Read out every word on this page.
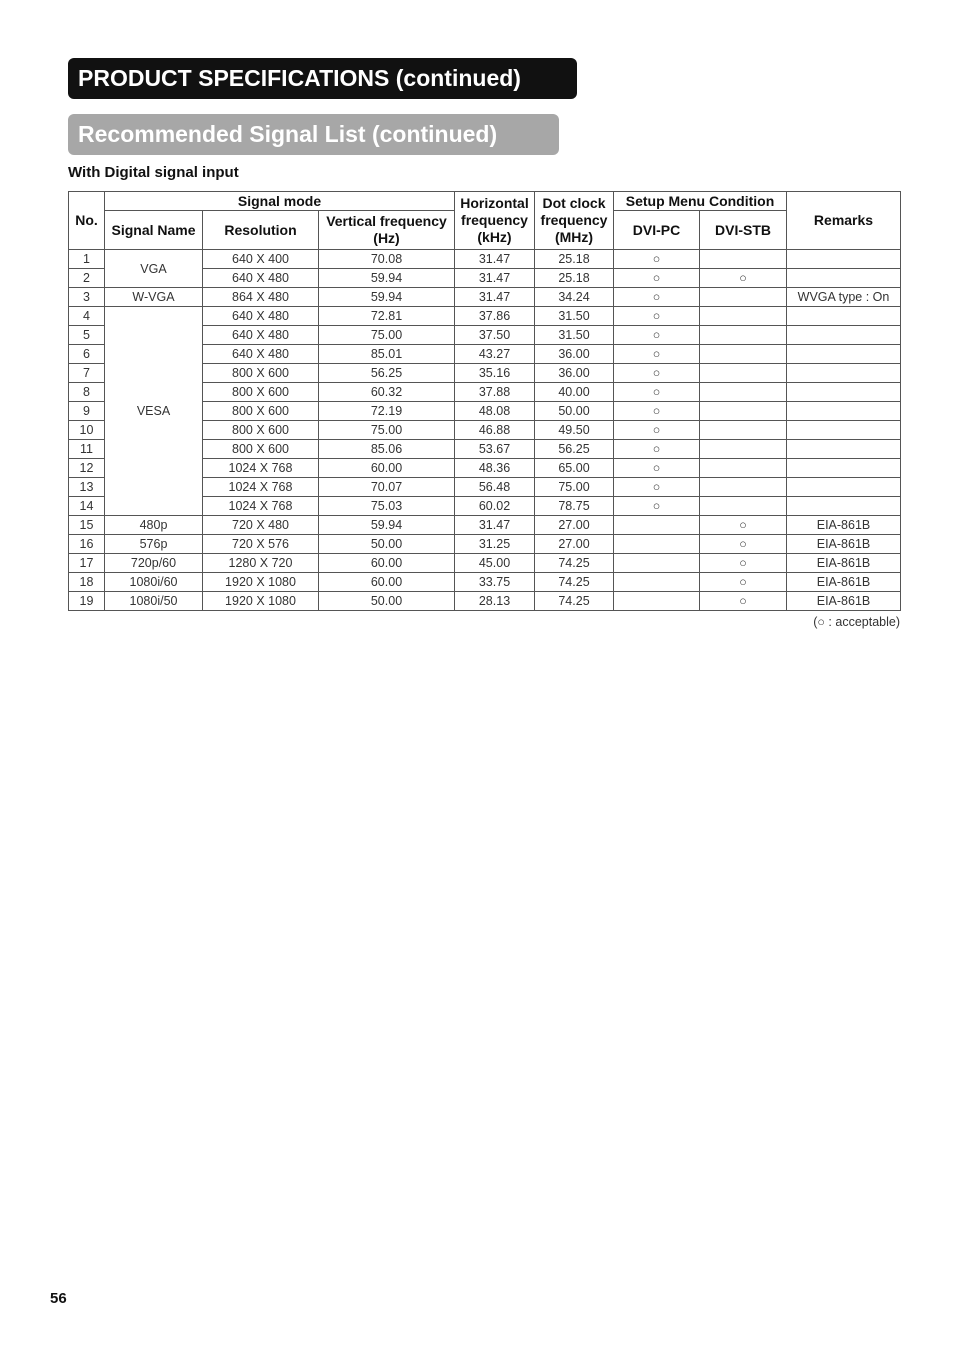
PRODUCT SPECIFICATIONS (continued)
Recommended Signal List (continued)
With Digital signal input
No.	Signal mode			Horizontal frequency (kHz)	Dot clock frequency (MHz)	Setup Menu Condition		Remarks
	Signal Name	Resolution	Vertical frequency (Hz)			DVI-PC	DVI-STB	
1	VGA	640 X 400	70.08	31.47	25.18	○		
2		640 X 480	59.94	31.47	25.18	○	○	
3	W-VGA	864 X 480	59.94	31.47	34.24	○		WVGA type : On
4	VESA	640 X 480	72.81	37.86	31.50	○		
5		640 X 480	75.00	37.50	31.50	○		
6		640 X 480	85.01	43.27	36.00	○		
7		800 X 600	56.25	35.16	36.00	○		
8		800 X 600	60.32	37.88	40.00	○		
9		800 X 600	72.19	48.08	50.00	○		
10		800 X 600	75.00	46.88	49.50	○		
11		800 X 600	85.06	53.67	56.25	○		
12		1024 X 768	60.00	48.36	65.00	○		
13		1024 X 768	70.07	56.48	75.00	○		
14		1024 X 768	75.03	60.02	78.75	○		
15	480p	720 X 480	59.94	31.47	27.00		○	EIA-861B
16	576p	720 X 576	50.00	31.25	27.00		○	EIA-861B
17	720p/60	1280 X 720	60.00	45.00	74.25		○	EIA-861B
18	1080i/60	1920 X 1080	60.00	33.75	74.25		○	EIA-861B
19	1080i/50	1920 X 1080	50.00	28.13	74.25		○	EIA-861B
(○ : acceptable)
56
